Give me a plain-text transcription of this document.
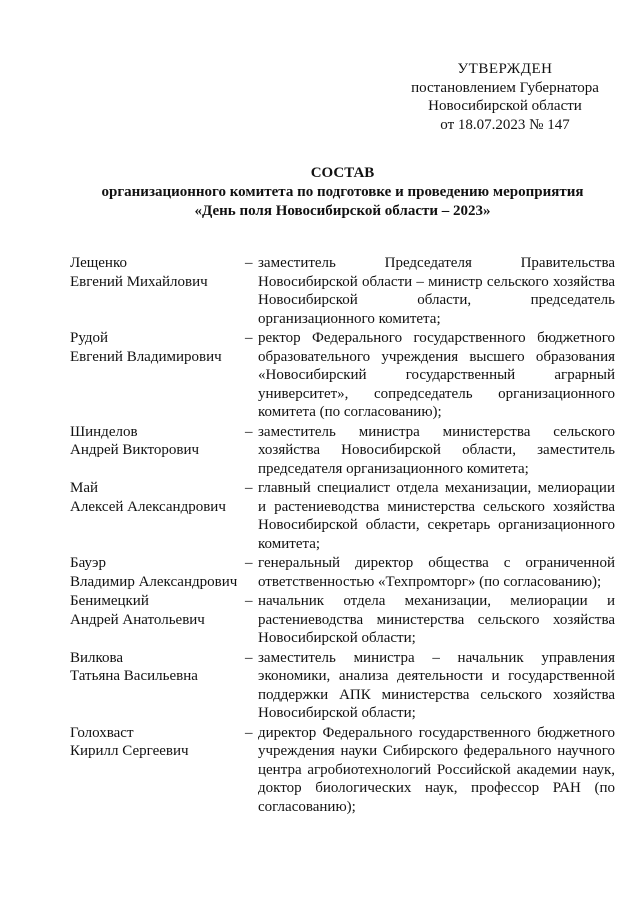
УТВЕРЖДЕН
постановлением Губернатора
Новосибирской области
от 18.07.2023 № 147
СОСТАВ
организационного комитета по подготовке и проведению мероприятия
«День поля Новосибирской области – 2023»
Лещенко
Евгений Михайлович
– заместитель Председателя Правительства Новосибирской области – министр сельского хозяйства Новосибирской области, председатель организационного комитета;
Рудой
Евгений Владимирович
– ректор Федерального государственного бюджетного образовательного учреждения высшего образования «Новосибирский государственный аграрный университет», сопредседатель организационного комитета (по согласованию);
Шинделов
Андрей Викторович
– заместитель министра министерства сельского хозяйства Новосибирской области, заместитель председателя организационного комитета;
Май
Алексей Александрович
– главный специалист отдела механизации, мелиорации и растениеводства министерства сельского хозяйства Новосибирской области, секретарь организационного комитета;
Бауэр
Владимир Александрович
– генеральный директор общества с ограниченной ответственностью «Техпромторг» (по согласованию);
Бенимецкий
Андрей Анатольевич
– начальник отдела механизации, мелиорации и растениеводства министерства сельского хозяйства Новосибирской области;
Вилкова
Татьяна Васильевна
– заместитель министра – начальник управления экономики, анализа деятельности и государственной поддержки АПК министерства сельского хозяйства Новосибирской области;
Голохваст
Кирилл Сергеевич
– директор Федерального государственного бюджетного учреждения науки Сибирского федерального научного центра агробиотехнологий Российской академии наук, доктор биологических наук, профессор РАН (по согласованию);
